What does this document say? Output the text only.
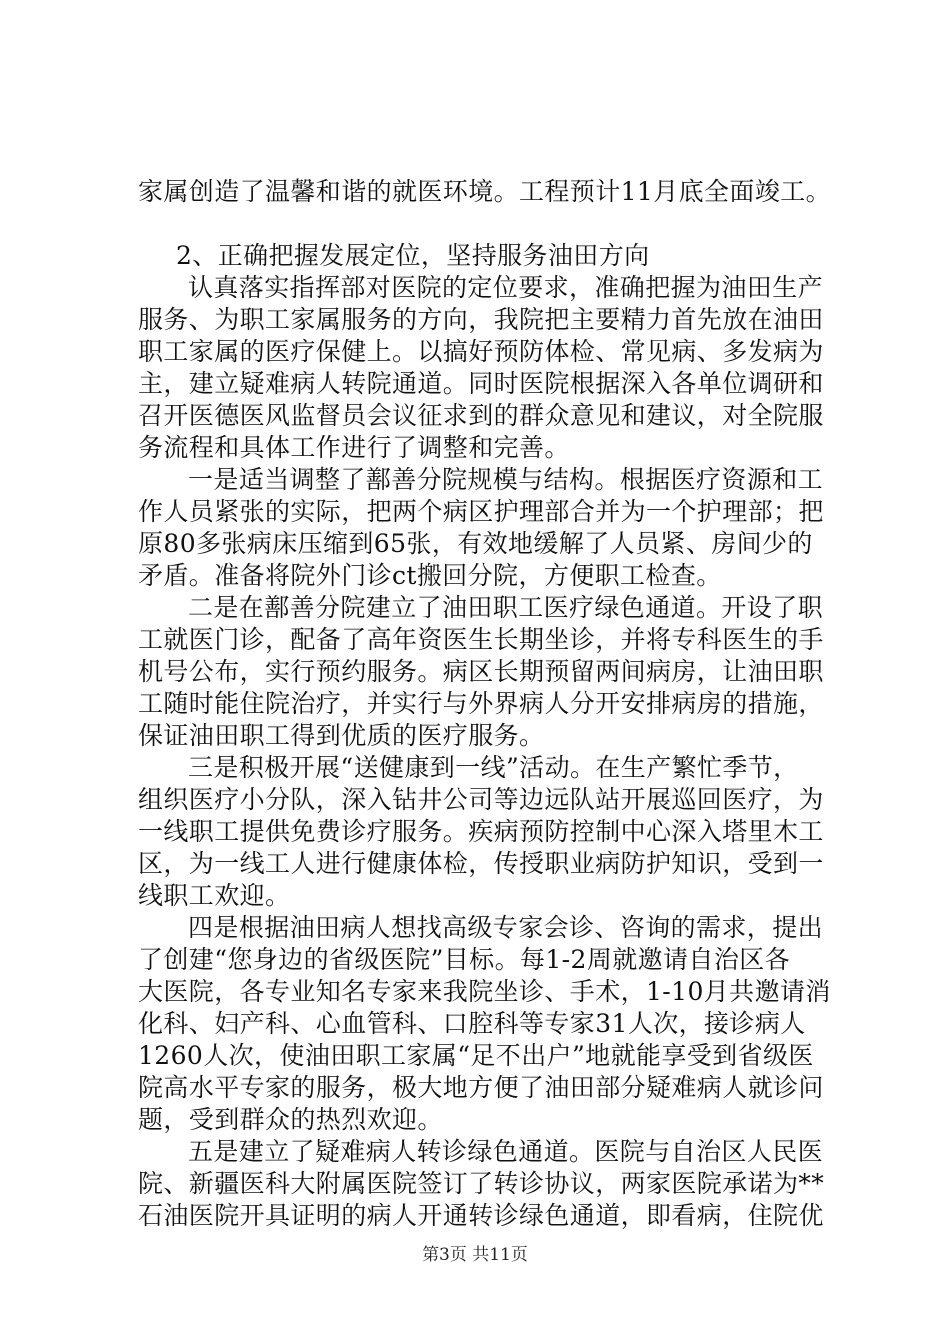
家属创造了温馨和谐的就医环境。工程预计11月底全面竣工。
2、正确把握发展定位，坚持服务油田方向
认真落实指挥部对医院的定位要求，准确把握为油田生产
服务、为职工家属服务的方向，我院把主要精力首先放在油田
职工家属的医疗保健上。以搞好预防体检、常见病、多发病为
主，建立疑难病人转院通道。同时医院根据深入各单位调研和
召开医德医风监督员会议征求到的群众意见和建议，对全院服
务流程和具体工作进行了调整和完善。
一是适当调整了鄯善分院规模与结构。根据医疗资源和工
作人员紧张的实际，把两个病区护理部合并为一个护理部；把
原80多张病床压缩到65张，有效地缓解了人员紧、房间少的
矛盾。准备将院外门诊ct搬回分院，方便职工检查。
二是在鄯善分院建立了油田职工医疗绿色通道。开设了职
工就医门诊，配备了高年资医生长期坐诊，并将专科医生的手
机号公布，实行预约服务。病区长期预留两间病房，让油田职
工随时能住院治疗，并实行与外界病人分开安排病房的措施，
保证油田职工得到优质的医疗服务。
三是积极开展“送健康到一线”活动。在生产繁忙季节，
组织医疗小分队，深入钻井公司等边远队站开展巡回医疗，为
一线职工提供免费诊疗服务。疾病预防控制中心深入塔里木工
区，为一线工人进行健康体检，传授职业病防护知识，受到一
线职工欢迎。
四是根据油田病人想找高级专家会诊、咨询的需求，提出
了创建“您身边的省级医院”目标。每1-2周就邀请自治区各
大医院，各专业知名专家来我院坐诊、手术，1-10月共邀请消
化科、妇产科、心血管科、口腔科等专家31人次，接诊病人
1260人次，使油田职工家属“足不出户”地就能享受到省级医
院高水平专家的服务，极大地方便了油田部分疑难病人就诊问
题，受到群众的热烈欢迎。
五是建立了疑难病人转诊绿色通道。医院与自治区人民医
院、新疆医科大附属医院签订了转诊协议，两家医院承诺为**
石油医院开具证明的病人开通转诊绿色通道，即看病，住院优
第3页 共11页
